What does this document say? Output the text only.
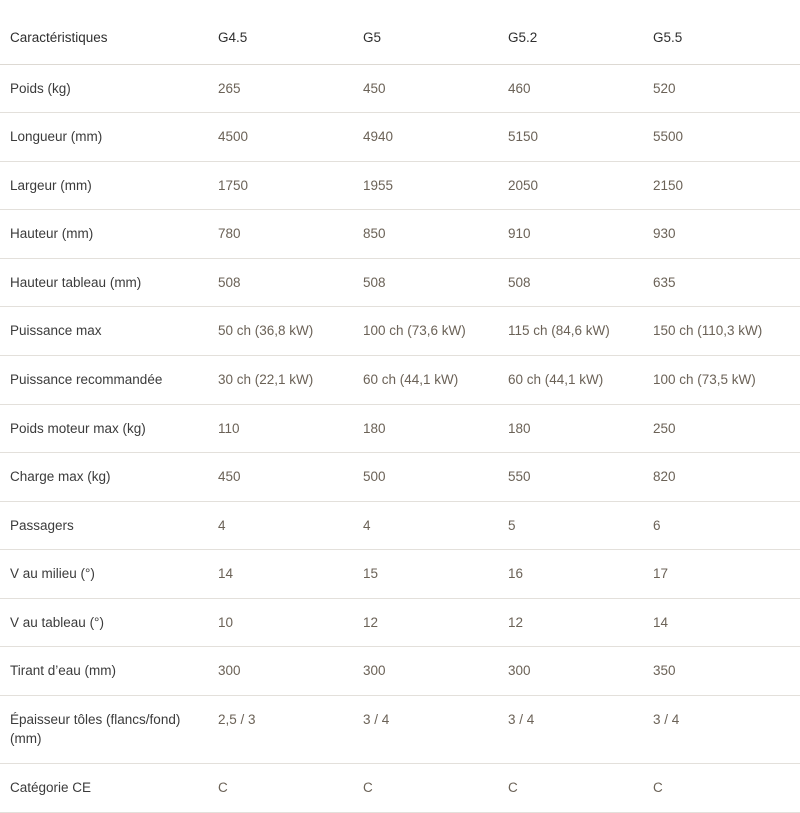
Caractéristiques	G4.5	G5	G5.2	G5.5
Poids (kg)	265	450	460	520
Longueur (mm)	4500	4940	5150	5500
Largeur (mm)	1750	1955	2050	2150
Hauteur (mm)	780	850	910	930
Hauteur tableau (mm)	508	508	508	635
Puissance max	50 ch (36,8 kW)	100 ch (73,6 kW)	115 ch (84,6 kW)	150 ch (110,3 kW)
Puissance recommandée	30 ch (22,1 kW)	60 ch (44,1 kW)	60 ch (44,1 kW)	100 ch (73,5 kW)
Poids moteur max (kg)	110	180	180	250
Charge max (kg)	450	500	550	820
Passagers	4	4	5	6
V au milieu (°)	14	15	16	17
V au tableau (°)	10	12	12	14
Tirant d’eau (mm)	300	300	300	350
Épaisseur tôles (flancs/fond) (mm)	2,5 / 3	3 / 4	3 / 4	3 / 4
Catégorie CE	C	C	C	C
